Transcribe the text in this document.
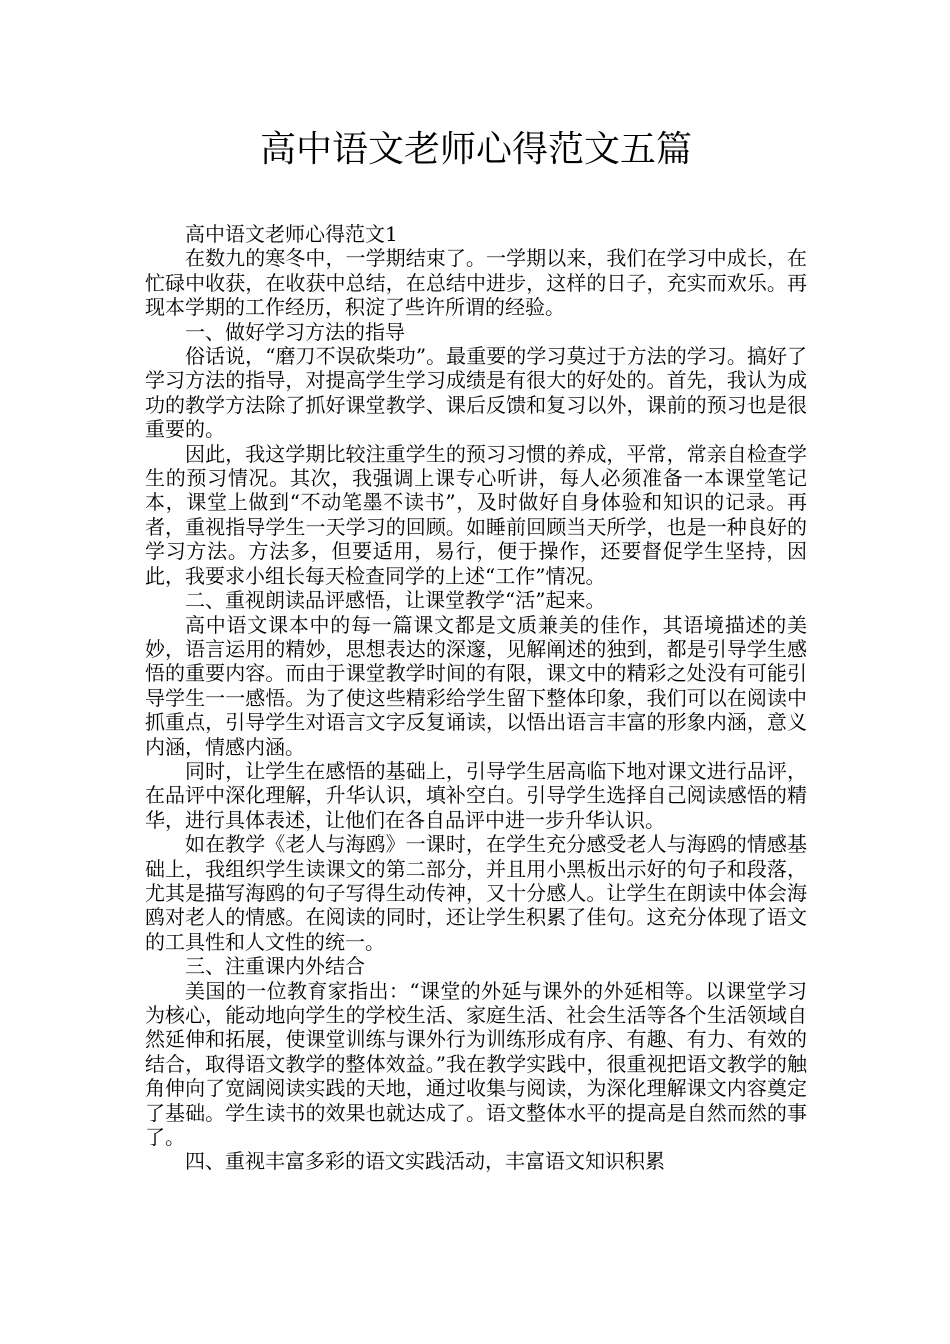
高中语文老师心得范文五篇

高中语文老师心得范文1

在数九的寒冬中，一学期结束了。一学期以来，我们在学习中成长，在忙碌中收获，在收获中总结，在总结中进步，这样的日子，充实而欢乐。再现本学期的工作经历，积淀了些许所谓的经验。

一、做好学习方法的指导

俗话说，“磨刀不误砍柴功”。最重要的学习莫过于方法的学习。搞好了学习方法的指导，对提高学生学习成绩是有很大的好处的。首先，我认为成功的教学方法除了抓好课堂教学、课后反馈和复习以外，课前的预习也是很重要的。

因此，我这学期比较注重学生的预习习惯的养成，平常，常亲自检查学生的预习情况。其次，我强调上课专心听讲，每人必须准备一本课堂笔记本，课堂上做到“不动笔墨不读书”，及时做好自身体验和知识的记录。再者，重视指导学生一天学习的回顾。如睡前回顾当天所学，也是一种良好的学习方法。方法多，但要适用，易行，便于操作，还要督促学生坚持，因此，我要求小组长每天检查同学的上述“工作”情况。

二、重视朗读品评感悟，让课堂教学“活”起来。

高中语文课本中的每一篇课文都是文质兼美的佳作，其语境描述的美妙，语言运用的精妙，思想表达的深邃，见解阐述的独到，都是引导学生感悟的重要内容。而由于课堂教学时间的有限，课文中的精彩之处没有可能引导学生一一感悟。为了使这些精彩给学生留下整体印象，我们可以在阅读中抓重点，引导学生对语言文字反复诵读，以悟出语言丰富的形象内涵，意义内涵，情感内涵。

同时，让学生在感悟的基础上，引导学生居高临下地对课文进行品评，在品评中深化理解，升华认识，填补空白。引导学生选择自己阅读感悟的精华，进行具体表述，让他们在各自品评中进一步升华认识。

如在教学《老人与海鸥》一课时，在学生充分感受老人与海鸥的情感基础上，我组织学生读课文的第二部分，并且用小黑板出示好的句子和段落，尤其是描写海鸥的句子写得生动传神，又十分感人。让学生在朗读中体会海鸥对老人的情感。在阅读的同时，还让学生积累了佳句。这充分体现了语文的工具性和人文性的统一。

三、注重课内外结合

美国的一位教育家指出：“课堂的外延与课外的外延相等。以课堂学习为核心，能动地向学生的学校生活、家庭生活、社会生活等各个生活领域自然延伸和拓展，使课堂训练与课外行为训练形成有序、有趣、有力、有效的结合，取得语文教学的整体效益。”我在教学实践中，很重视把语文教学的触角伸向了宽阔阅读实践的天地，通过收集与阅读，为深化理解课文内容奠定了基础。学生读书的效果也就达成了。语文整体水平的提高是自然而然的事了。

四、重视丰富多彩的语文实践活动，丰富语文知识积累
